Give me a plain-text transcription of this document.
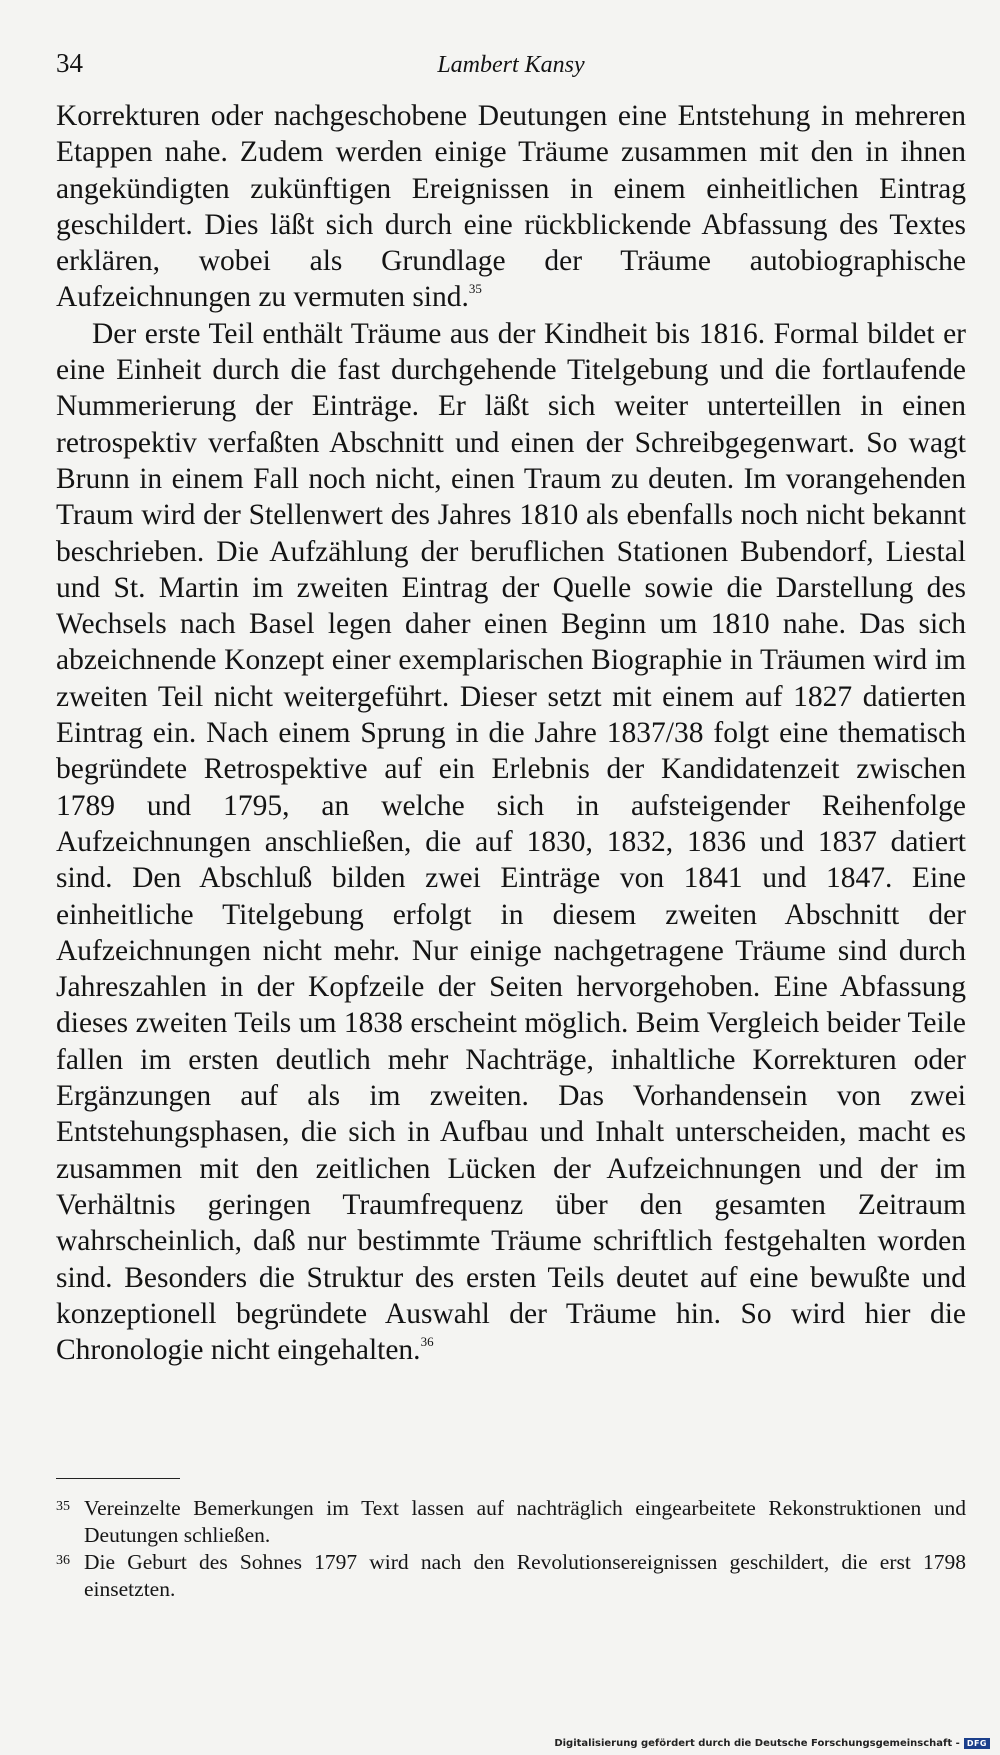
34	Lambert Kansy

Korrekturen oder nachgeschobene Deutungen eine Entstehung in mehreren Etappen nahe. Zudem werden einige Träume zusammen mit den in ihnen angekündigten zukünftigen Ereignissen in einem einheitlichen Eintrag geschildert. Dies läßt sich durch eine rückblickende Abfassung des Textes erklären, wobei als Grundlage der Träume autobiographische Aufzeichnungen zu vermuten sind.$^{35}$

Der erste Teil enthält Träume aus der Kindheit bis 1816. Formal bildet er eine Einheit durch die fast durchgehende Titelgebung und die fortlaufende Nummerierung der Einträge. Er läßt sich weiter unterteillen in einen retrospektiv verfaßten Abschnitt und einen der Schreibgegenwart. So wagt Brunn in einem Fall noch nicht, einen Traum zu deuten. Im vorangehenden Traum wird der Stellenwert des Jahres 1810 als ebenfalls noch nicht bekannt beschrieben. Die Aufzählung der beruflichen Stationen Bubendorf, Liestal und St. Martin im zweiten Eintrag der Quelle sowie die Darstellung des Wechsels nach Basel legen daher einen Beginn um 1810 nahe. Das sich abzeichnende Konzept einer exemplarischen Biographie in Träumen wird im zweiten Teil nicht weitergeführt. Dieser setzt mit einem auf 1827 datierten Eintrag ein. Nach einem Sprung in die Jahre 1837/38 folgt eine thematisch begründete Retrospektive auf ein Erlebnis der Kandidatenzeit zwischen 1789 und 1795, an welche sich in aufsteigender Reihenfolge Aufzeichnungen anschließen, die auf 1830, 1832, 1836 und 1837 datiert sind. Den Abschluß bilden zwei Einträge von 1841 und 1847. Eine einheitliche Titelgebung erfolgt in diesem zweiten Abschnitt der Aufzeichnungen nicht mehr. Nur einige nachgetragene Träume sind durch Jahreszahlen in der Kopfzeile der Seiten hervorgehoben. Eine Abfassung dieses zweiten Teils um 1838 erscheint möglich. Beim Vergleich beider Teile fallen im ersten deutlich mehr Nachträge, inhaltliche Korrekturen oder Ergänzungen auf als im zweiten. Das Vorhandensein von zwei Entstehungsphasen, die sich in Aufbau und Inhalt unterscheiden, macht es zusammen mit den zeitlichen Lücken der Aufzeichnungen und der im Verhältnis geringen Traumfrequenz über den gesamten Zeitraum wahrscheinlich, daß nur bestimmte Träume schriftlich festgehalten worden sind. Besonders die Struktur des ersten Teils deutet auf eine bewußte und konzeptionell begründete Auswahl der Träume hin. So wird hier die Chronologie nicht eingehalten.$^{36}$

35 Vereinzelte Bemerkungen im Text lassen auf nachträglich eingearbeitete Rekonstruktionen und Deutungen schließen.
36 Die Geburt des Sohnes 1797 wird nach den Revolutionsereignissen geschildert, die erst 1798 einsetzten.
Digitalisierung gefördert durch die Deutsche Forschungsgemeinschaft - DFG
